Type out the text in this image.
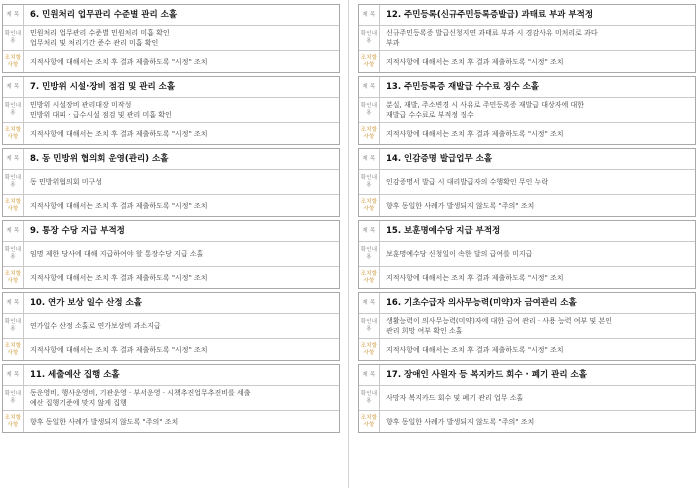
제 목	6. 민원처리 업무관리 수준별 관리 소홀
확인내용
민원처리 업무관리 수준별 민원처리 미흡 확인
업무처리 및 처리기간 준수 관리 미흡 확인
조치할사항	지적사항에 대해서는 조치 후 결과 제출하도록 "시정" 조치
제 목	7. 민방위 시설·장비 점검 및 관리 소홀
확인내용
민방위 시설장비 관리대장 미작성
민방위 대피 · 급수시설 점검 및 관리 미흡 확인
조치할사항	지적사항에 대해서는 조치 후 결과 제출하도록 "시정" 조치
제 목	8. 동 민방위 협의회 운영(관리) 소홀
확인내용	동 민방위협의회 미구성
조치할사항	지적사항에 대해서는 조치 후 결과 제출하도록 "시정" 조치
제 목	9. 통장 수당 지급 부적정
확인내용	임명 제한 당사에 대해 지급하여야 할 통장수당 지급 소홀
조치할사항	지적사항에 대해서는 조치 후 결과 제출하도록 "시정" 조치
제 목	10. 연가 보상 일수 산정 소홀
확인내용	연가일수 산정 소홀로 연가보상비 과소지급
조치할사항	지적사항에 대해서는 조치 후 결과 제출하도록 "시정" 조치
제 목	11. 세출예산 집행 소홀
확인내용
동운영비, 행사운영비, 기관운영 · 부서운영 · 시책추진업무추진비를 세출
예산 집행기준에 맞지 않게 집행
조치할사항	향후 동일한 사례가 발생되지 않도록 "주의" 조치
제 목	12. 주민등록(신규주민등록증발급) 과태료 부과 부적정
확인내용
신규주민등록증 발급신청지연 과태료 부과 시 경감사유 미처리로 과다
부과
조치할사항	지적사항에 대해서는 조치 후 결과 제출하도록 "시정" 조치
제 목	13. 주민등록증 재발급 수수료 징수 소홀
확인내용
분실, 재발, 주소변경 시 사유로 주민등록증 재발급 대상자에 대한
재발급 수수료로 부적정 징수
조치할사항	지적사항에 대해서는 조치 후 결과 제출하도록 "시정" 조치
제 목	14. 인감증명 발급업무 소홀
확인내용	인감증명서 발급 시 대리발급자의 수행확인 무인 누락
조치할사항	향후 동일한 사례가 발생되지 않도록 "주의" 조치
제 목	15. 보훈명예수당 지급 부적정
확인내용	보훈명예수당 신청일이 속한 달의 급여를 미지급
조치할사항	지적사항에 대해서는 조치 후 결과 제출하도록 "시정" 조치
제 목	16. 기초수급자 의사무능력(미약)자 금여관리 소홀
확인내용
생활능력이 의사무능력(미약)자에 대한 금여 관리 · 사용 능력 여부 및 본인
관리 희망 여부 확인 소홀
조치할사항	지적사항에 대해서는 조치 후 결과 제출하도록 "시정" 조치
제 목	17. 장애인 사원자 등 복지카드 회수 · 폐기 관리 소홀
확인내용	사망자 복지카드 회수 및 폐기 관리 업무 소홀
조치할사항	향후 동일한 사례가 발생되지 않도록 "주의" 조치
